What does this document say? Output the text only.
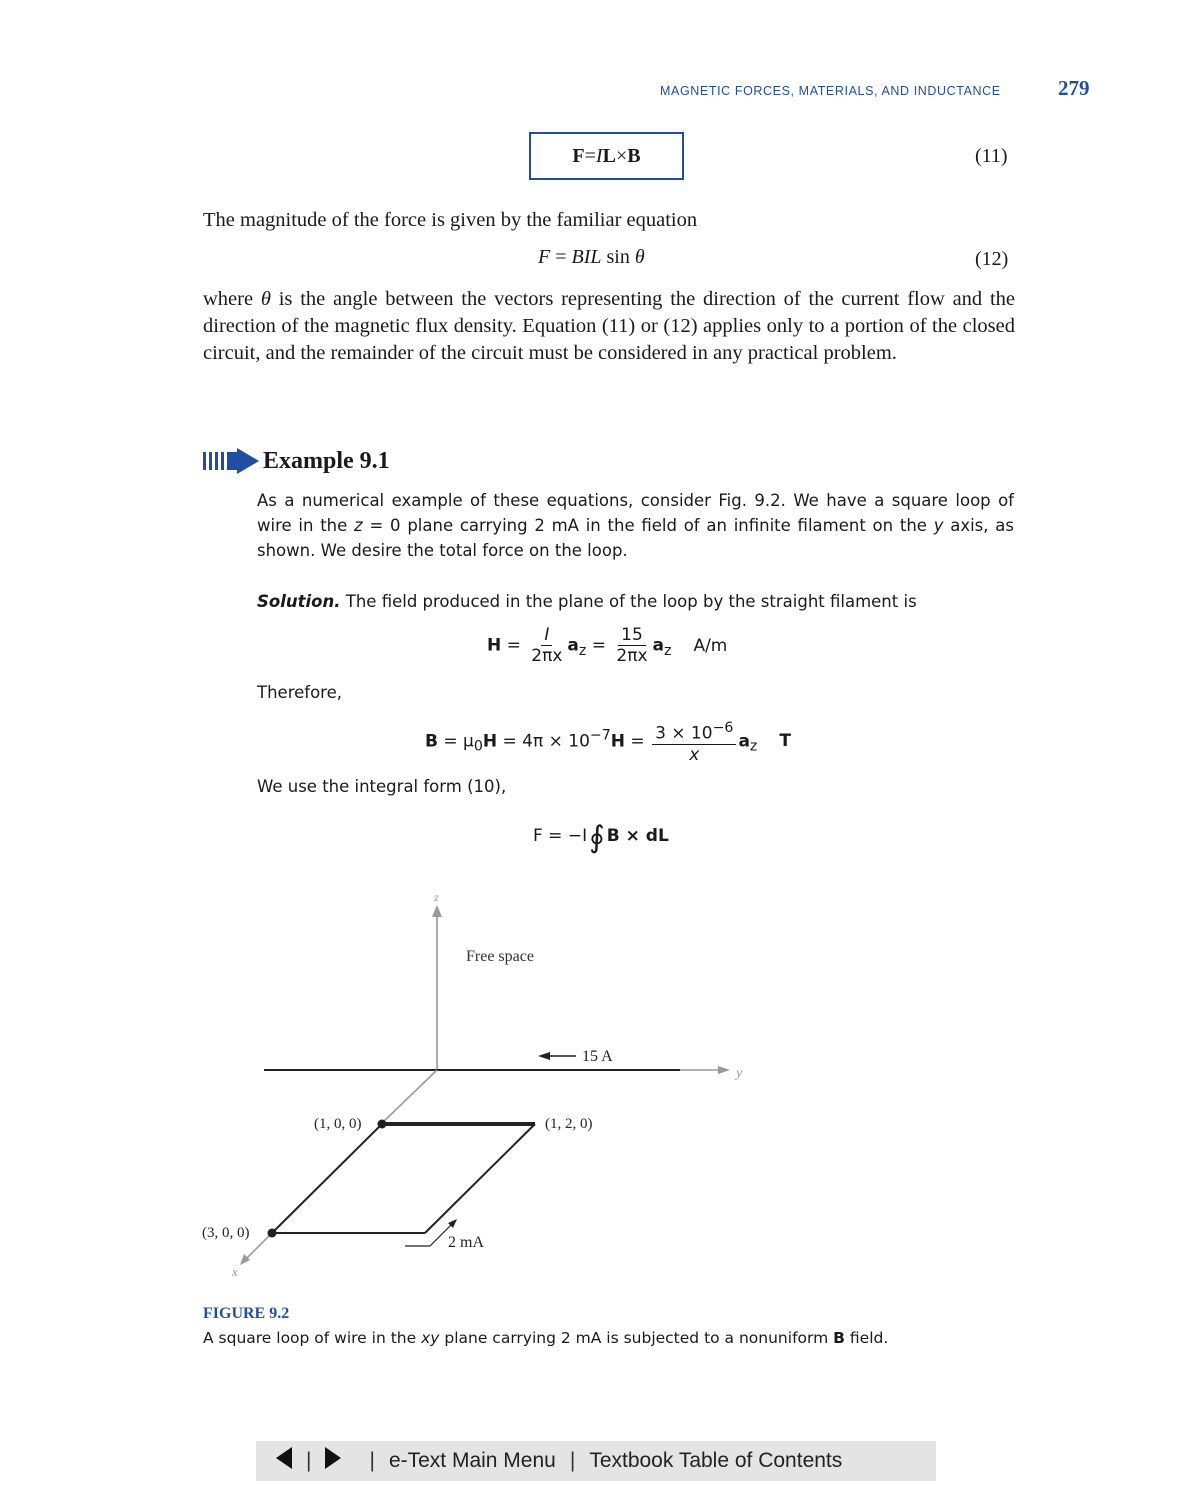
MAGNETIC FORCES, MATERIALS, AND INDUCTANCE	279
F = I L × B	(11)
The magnitude of the force is given by the familiar equation
F = BIL sin θ	(12)
where θ is the angle between the vectors representing the direction of the current flow and the direction of the magnetic flux density. Equation (11) or (12) applies only to a portion of the closed circuit, and the remainder of the circuit must be considered in any practical problem.
Example 9.1
As a numerical example of these equations, consider Fig. 9.2. We have a square loop of wire in the z = 0 plane carrying 2 mA in the field of an infinite filament on the y axis, as shown. We desire the total force on the loop.
Solution. The field produced in the plane of the loop by the straight filament is
$H = \frac{I}{2\pi x} a_z = \frac{15}{2\pi x} a_z$ A/m
Therefore,
$B = \mu_0H = 4\pi \times 10^{-7}H = \frac{3 \times 10^{-6}}{x} a_z$ T
We use the integral form (10),
F = −I∮ B × dL
z
Free space
y
15 A
x
2 mA
(1, 0, 0)	(1, 2, 0)
(3, 0, 0)
FIGURE 9.2
A square loop of wire in the xy plane carrying 2 mA is subjected to a nonuniform B field.
|	| e-Text Main Menu | Textbook Table of Contents
